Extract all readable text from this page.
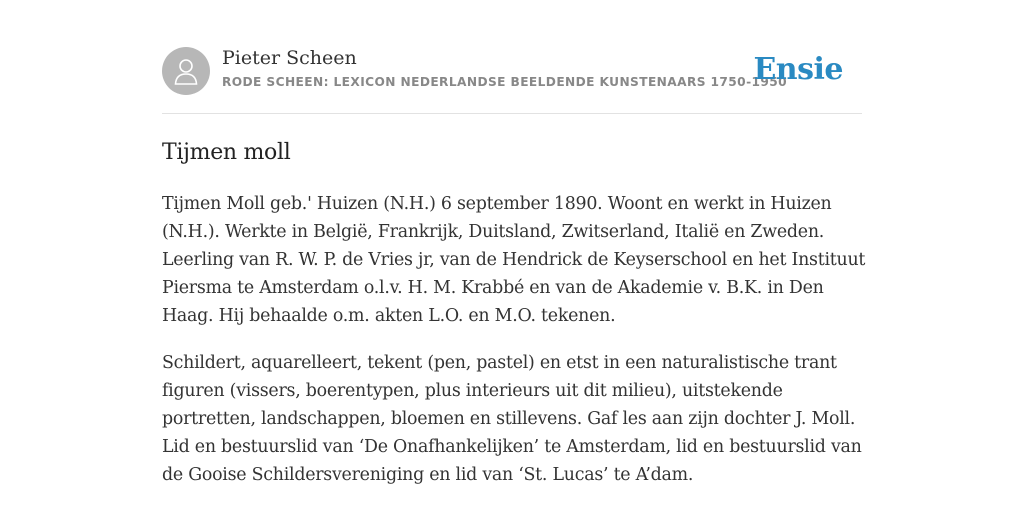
Pieter Scheen
RODE SCHEEN: LEXICON NEDERLANDSE BEELDENDE KUNSTENAARS 1750-1950
Ensie
Tijmen moll

Tijmen Moll geb.' Huizen (N.H.) 6 september 1890. Woont en werkt in Huizen (N.H.). Werkte in België, Frankrijk, Duitsland, Zwitserland, Italië en Zweden. Leerling van R. W. P. de Vries jr, van de Hendrick de Keyserschool en het Instituut Piersma te Amsterdam o.l.v. H. M. Krabbé en van de Akademie v. B.K. in Den Haag. Hij behaalde o.m. akten L.O. en M.O. tekenen.

Schildert, aquarelleert, tekent (pen, pastel) en etst in een naturalistische trant figuren (vissers, boerentypen, plus interieurs uit dit milieu), uitstekende portretten, landschappen, bloemen en stillevens. Gaf les aan zijn dochter J. Moll. Lid en bestuurslid van ‘De Onafhankelijken’ te Amsterdam, lid en bestuurslid van de Gooise Schildersvereniging en lid van ‘St. Lucas’ te A’dam.
